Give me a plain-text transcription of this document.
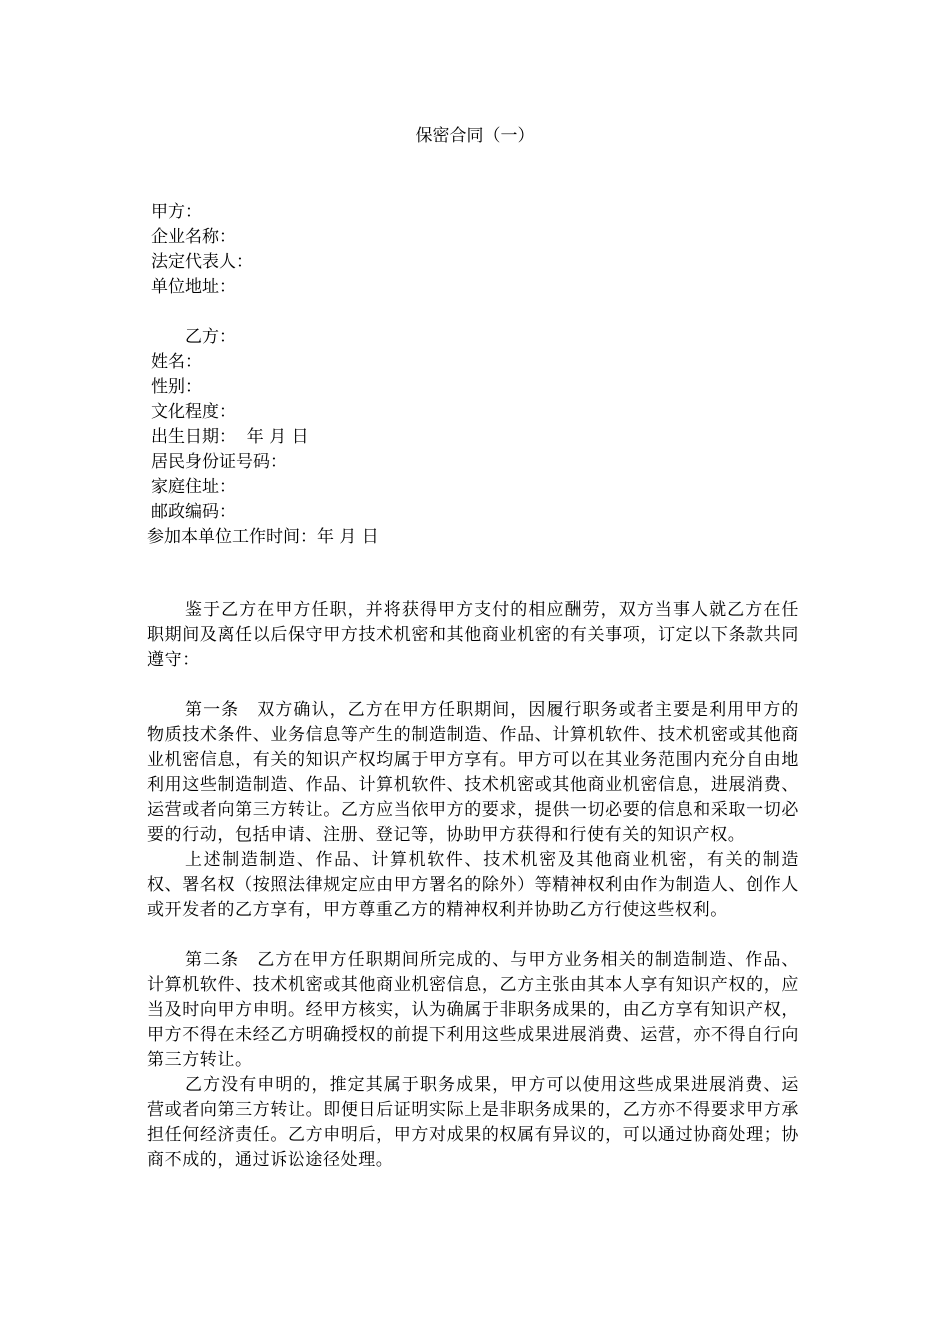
保密合同（一）
甲方：
企业名称：
法定代表人：
单位地址：
乙方：
姓名：
性别：
文化程度：
出生日期：  年 月 日
居民身份证号码：
家庭住址：
邮政编码：
参加本单位工作时间：年 月 日

鉴于乙方在甲方任职，并将获得甲方支付的相应酬劳，双方当事人就乙方在任职期间及离任以后保守甲方技术机密和其他商业机密的有关事项，订定以下条款共同遵守：

第一条　双方确认，乙方在甲方任职期间，因履行职务或者主要是利用甲方的物质技术条件、业务信息等产生的制造制造、作品、计算机软件、技术机密或其他商业机密信息，有关的知识产权均属于甲方享有。甲方可以在其业务范围内充分自由地利用这些制造制造、作品、计算机软件、技术机密或其他商业机密信息，进展消费、运营或者向第三方转让。乙方应当依甲方的要求，提供一切必要的信息和采取一切必要的行动，包括申请、注册、登记等，协助甲方获得和行使有关的知识产权。

上述制造制造、作品、计算机软件、技术机密及其他商业机密，有关的制造权、署名权（按照法律规定应由甲方署名的除外）等精神权利由作为制造人、创作人或开发者的乙方享有，甲方尊重乙方的精神权利并协助乙方行使这些权利。

第二条　乙方在甲方任职期间所完成的、与甲方业务相关的制造制造、作品、计算机软件、技术机密或其他商业机密信息，乙方主张由其本人享有知识产权的，应当及时向甲方申明。经甲方核实，认为确属于非职务成果的，由乙方享有知识产权，甲方不得在未经乙方明确授权的前提下利用这些成果进展消费、运营，亦不得自行向第三方转让。

乙方没有申明的，推定其属于职务成果，甲方可以使用这些成果进展消费、运营或者向第三方转让。即便日后证明实际上是非职务成果的，乙方亦不得要求甲方承担任何经济责任。乙方申明后，甲方对成果的权属有异议的，可以通过协商处理；协商不成的，通过诉讼途径处理。
